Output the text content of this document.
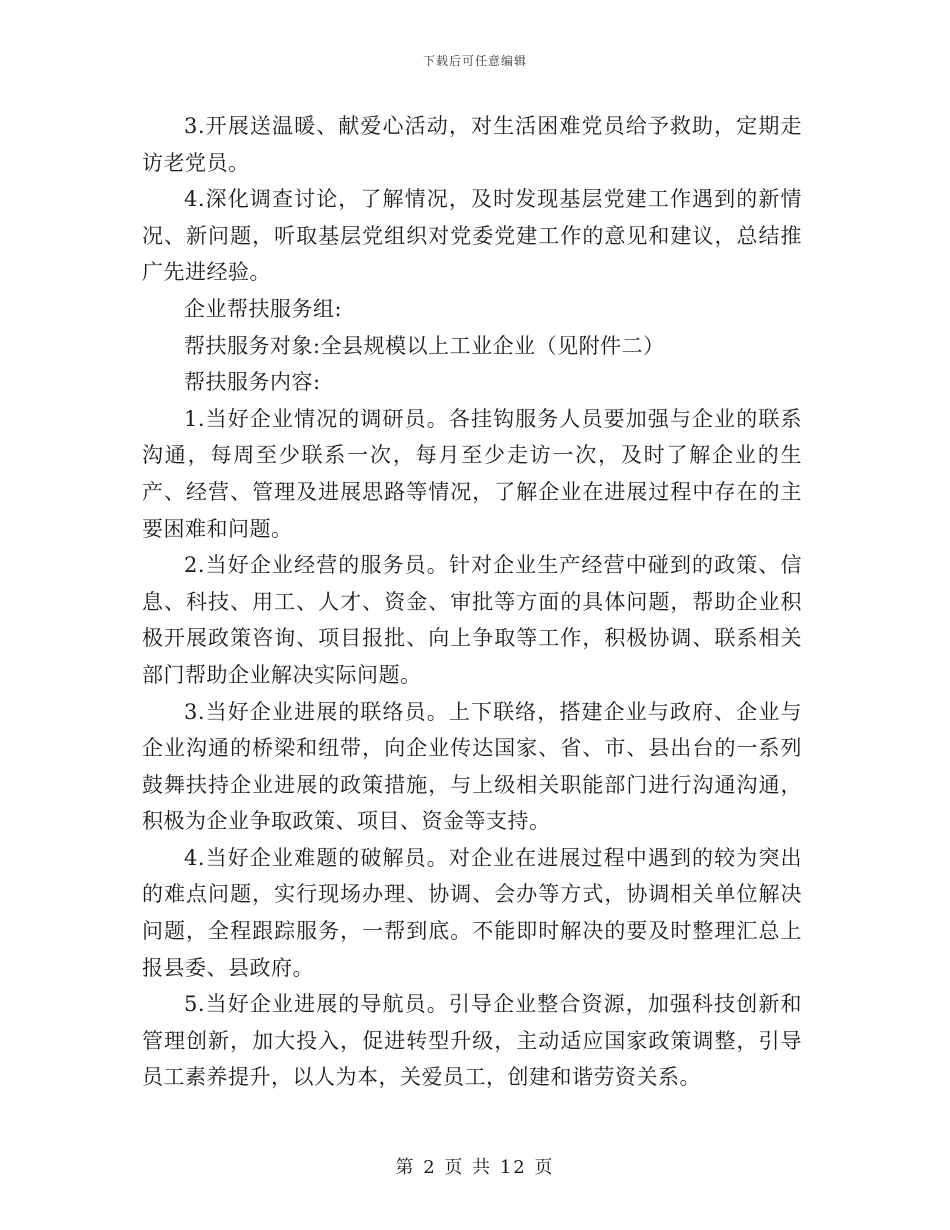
下载后可任意编辑

3.开展送温暖、献爱心活动，对生活困难党员给予救助，定期走访老党员。

4.深化调查讨论，了解情况，及时发现基层党建工作遇到的新情况、新问题，听取基层党组织对党委党建工作的意见和建议，总结推广先进经验。

企业帮扶服务组:

帮扶服务对象:全县规模以上工业企业（见附件二）

帮扶服务内容:

1.当好企业情况的调研员。各挂钩服务人员要加强与企业的联系沟通，每周至少联系一次，每月至少走访一次，及时了解企业的生产、经营、管理及进展思路等情况，了解企业在进展过程中存在的主要困难和问题。

2.当好企业经营的服务员。针对企业生产经营中碰到的政策、信息、科技、用工、人才、资金、审批等方面的具体问题，帮助企业积极开展政策咨询、项目报批、向上争取等工作，积极协调、联系相关部门帮助企业解决实际问题。

3.当好企业进展的联络员。上下联络，搭建企业与政府、企业与企业沟通的桥梁和纽带，向企业传达国家、省、市、县出台的一系列鼓舞扶持企业进展的政策措施，与上级相关职能部门进行沟通沟通，积极为企业争取政策、项目、资金等支持。

4.当好企业难题的破解员。对企业在进展过程中遇到的较为突出的难点问题，实行现场办理、协调、会办等方式，协调相关单位解决问题，全程跟踪服务，一帮到底。不能即时解决的要及时整理汇总上报县委、县政府。

5.当好企业进展的导航员。引导企业整合资源，加强科技创新和管理创新，加大投入，促进转型升级，主动适应国家政策调整，引导员工素养提升，以人为本，关爱员工，创建和谐劳资关系。

第 2 页 共 12 页
